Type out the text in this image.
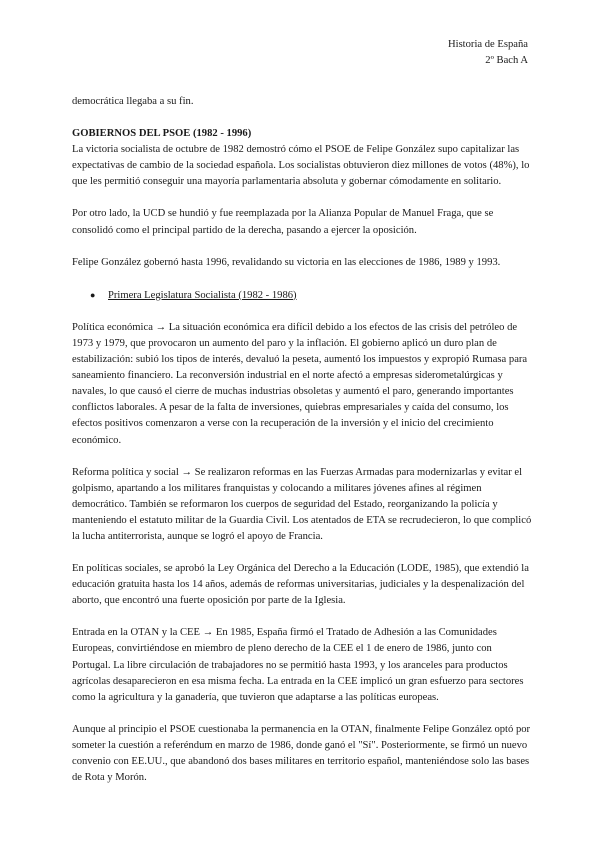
Historia de España
2º Bach A

democrática llegaba a su fin.

GOBIERNOS DEL PSOE (1982 - 1996)

La victoria socialista de octubre de 1982 demostró cómo el PSOE de Felipe González supo capitalizar las expectativas de cambio de la sociedad española. Los socialistas obtuvieron diez millones de votos (48%), lo que les permitió conseguir una mayoría parlamentaria absoluta y gobernar cómodamente en solitario.

Por otro lado, la UCD se hundió y fue reemplazada por la Alianza Popular de Manuel Fraga, que se consolidó como el principal partido de la derecha, pasando a ejercer la oposición.

Felipe González gobernó hasta 1996, revalidando su victoria en las elecciones de 1986, 1989 y 1993.

●	Primera Legislatura Socialista (1982 - 1986)

Política económica → La situación económica era difícil debido a los efectos de las crisis del petróleo de 1973 y 1979, que provocaron un aumento del paro y la inflación. El gobierno aplicó un duro plan de estabilización: subió los tipos de interés, devaluó la peseta, aumentó los impuestos y expropió Rumasa para saneamiento financiero. La reconversión industrial en el norte afectó a empresas siderometalúrgicas y navales, lo que causó el cierre de muchas industrias obsoletas y aumentó el paro, generando importantes conflictos laborales. A pesar de la falta de inversiones, quiebras empresariales y caída del consumo, los efectos positivos comenzaron a verse con la recuperación de la inversión y el inicio del crecimiento económico.

Reforma política y social → Se realizaron reformas en las Fuerzas Armadas para modernizarlas y evitar el golpismo, apartando a los militares franquistas y colocando a militares jóvenes afines al régimen democrático. También se reformaron los cuerpos de seguridad del Estado, reorganizando la policía y manteniendo el estatuto militar de la Guardia Civil. Los atentados de ETA se recrudecieron, lo que complicó la lucha antiterrorista, aunque se logró el apoyo de Francia.

En políticas sociales, se aprobó la Ley Orgánica del Derecho a la Educación (LODE, 1985), que extendió la educación gratuita hasta los 14 años, además de reformas universitarias, judiciales y la despenalización del aborto, que encontró una fuerte oposición por parte de la Iglesia.

Entrada en la OTAN y la CEE → En 1985, España firmó el Tratado de Adhesión a las Comunidades Europeas, convirtiéndose en miembro de pleno derecho de la CEE el 1 de enero de 1986, junto con Portugal. La libre circulación de trabajadores no se permitió hasta 1993, y los aranceles para productos agrícolas desaparecieron en esa misma fecha. La entrada en la CEE implicó un gran esfuerzo para sectores como la agricultura y la ganadería, que tuvieron que adaptarse a las políticas europeas.

Aunque al principio el PSOE cuestionaba la permanencia en la OTAN, finalmente Felipe González optó por someter la cuestión a referéndum en marzo de 1986, donde ganó el "Sí". Posteriormente, se firmó un nuevo convenio con EE.UU., que abandonó dos bases militares en territorio español, manteniéndose solo las bases de Rota y Morón.
